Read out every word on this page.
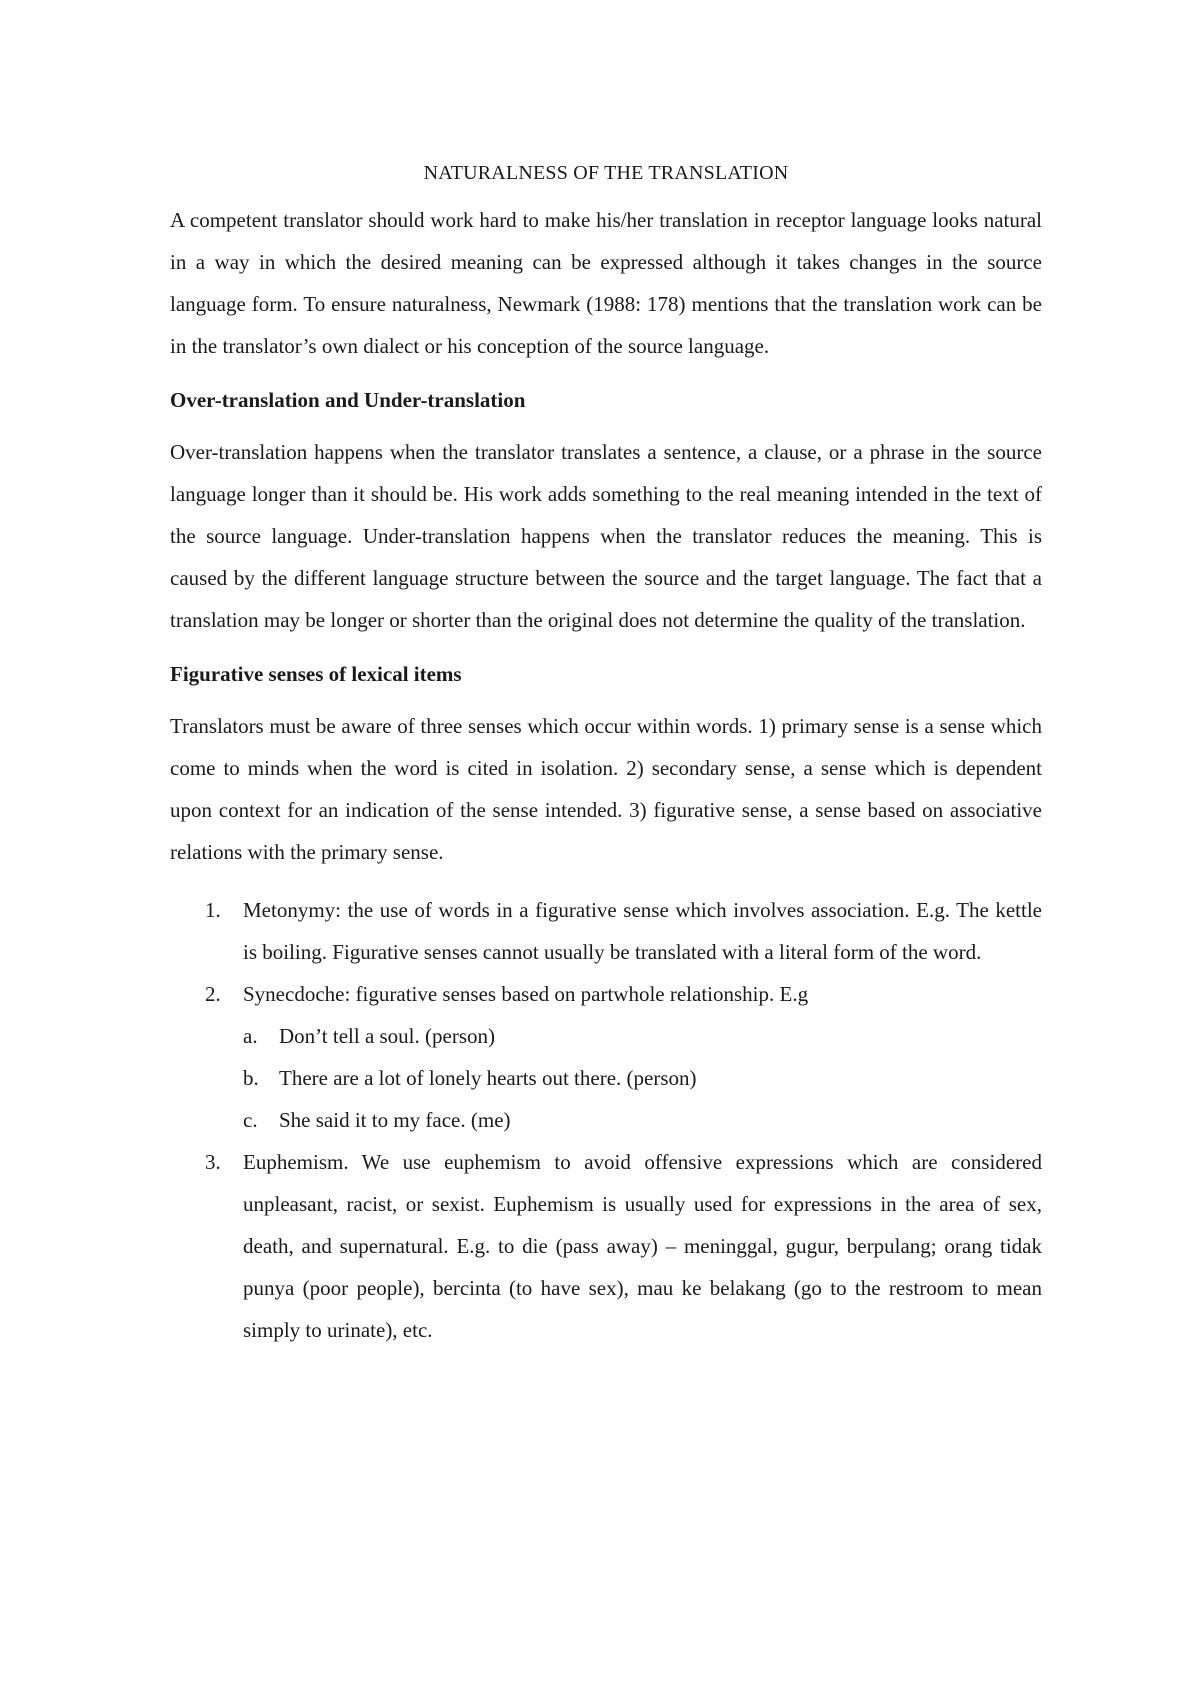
NATURALNESS OF THE TRANSLATION

A competent translator should work hard to make his/her translation in receptor language looks natural in a way in which the desired meaning can be expressed although it takes changes in the source language form. To ensure naturalness, Newmark (1988: 178) mentions that the translation work can be in the translator’s own dialect or his conception of the source language.

Over-translation and Under-translation

Over-translation happens when the translator translates a sentence, a clause, or a phrase in the source language longer than it should be. His work adds something to the real meaning intended in the text of the source language. Under-translation happens when the translator reduces the meaning. This is caused by the different language structure between the source and the target language. The fact that a translation may be longer or shorter than the original does not determine the quality of the translation.

Figurative senses of lexical items

Translators must be aware of three senses which occur within words. 1) primary sense is a sense which come to minds when the word is cited in isolation. 2) secondary sense, a sense which is dependent upon context for an indication of the sense intended. 3) figurative sense, a sense based on associative relations with the primary sense.

1. Metonymy: the use of words in a figurative sense which involves association. E.g. The kettle is boiling. Figurative senses cannot usually be translated with a literal form of the word.
2. Synecdoche: figurative senses based on partwhole relationship. E.g
a. Don’t tell a soul. (person)
b. There are a lot of lonely hearts out there. (person)
c. She said it to my face. (me)
3. Euphemism. We use euphemism to avoid offensive expressions which are considered unpleasant, racist, or sexist. Euphemism is usually used for expressions in the area of sex, death, and supernatural. E.g. to die (pass away) – meninggal, gugur, berpulang; orang tidak punya (poor people), bercinta (to have sex), mau ke belakang (go to the restroom to mean simply to urinate), etc.
